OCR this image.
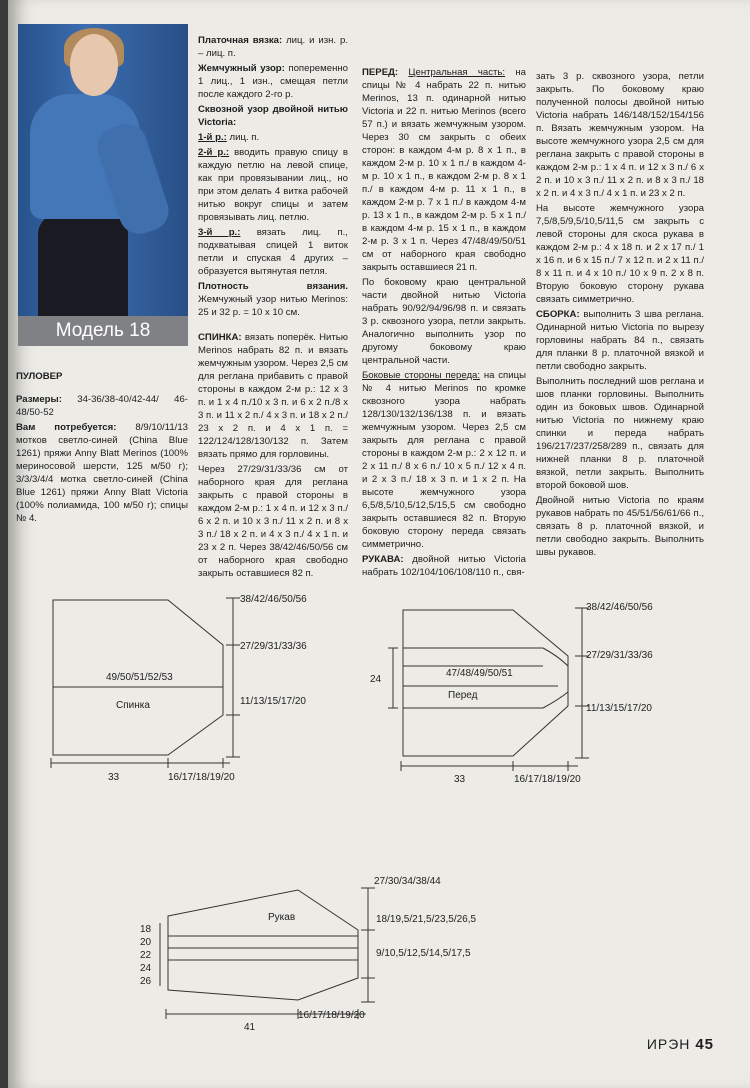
Модель 18

ПУЛОВЕР

Размеры: 34-36/38-40/42-44/ 46-48/50-52

Вам потребуется: 8/9/10/11/13 мотков светло-синей (China Blue 1261) пряжи Anny Blatt Merinos (100% мериносовой шерсти, 125 м/50 г); 3/3/3/4/4 мотка светло-синей (China Blue 1261) пряжи Anny Blatt Victoria (100% полиамида, 100 м/50 г); спицы № 4.

Платочная вязка: лиц. и изн. р. – лиц. п.

Жемчужный узор: попеременно 1 лиц., 1 изн., смещая петли после каждого 2-го р.

Сквозной узор двойной нитью Victoria:

1-й р.: лиц. п.

2-й р.: вводить правую спицу в каждую петлю на левой спице, как при провязывании лиц., но при этом делать 4 витка рабочей нитью вокруг спицы и затем провязывать лиц. петлю.

3-й р.: вязать лиц. п., подхватывая спицей 1 виток петли и спуская 4 других – образуется вытянутая петля.

Плотность вязания. Жемчужный узор нитью Merinos: 25 и 32 р. = 10 x 10 см.

СПИНКА: вязать поперёк. Нитью Merinos набрать 82 п. и вязать жемчужным узором. Через 2,5 см для реглана прибавить с правой стороны в каждом 2-м р.: 12 x 3 п. и 1 x 4 п./10 x 3 п. и 6 x 2 п./8 x 3 п. и 11 x 2 п./ 4 x 3 п. и 18 x 2 п./ 23 x 2 п. и 4 x 1 п. = 122/124/128/130/132 п. Затем вязать прямо для горловины.

Через 27/29/31/33/36 см от наборного края для реглана закрыть с правой стороны в каждом 2-м р.: 1 x 4 п. и 12 x 3 п./ 6 x 2 п. и 10 x 3 п./ 11 x 2 п. и 8 x 3 п./ 18 x 2 п. и 4 x 3 п./ 4 x 1 п. и 23 x 2 п. Через 38/42/46/50/56 см от наборного края свободно закрыть оставшиеся 82 п.

ПЕРЕД: Центральная часть: на спицы № 4 набрать 22 п. нитью Merinos, 13 п. одинарной нитью Victoria и 22 п. нитью Merinos (всего 57 п.) и вязать жемчужным узором. Через 30 см закрыть с обеих сторон: в каждом 4-м р. 8 x 1 п., в каждом 2-м р. 10 x 1 п./ в каждом 4-м р. 10 x 1 п., в каждом 2-м р. 8 x 1 п./ в каждом 4-м р. 11 x 1 п., в каждом 2-м р. 7 x 1 п./ в каждом 4-м р. 13 x 1 п., в каждом 2-м р. 5 x 1 п./ в каждом 4-м р. 15 x 1 п., в каждом 2-м р. 3 x 1 п. Через 47/48/49/50/51 см от наборного края свободно закрыть оставшиеся 21 п.

По боковому краю центральной части двойной нитью Victoria набрать 90/92/94/96/98 п. и связать 3 р. сквозного узора, петли закрыть. Аналогично выполнить узор по другому боковому краю центральной части.

Боковые стороны переда: на спицы № 4 нитью Merinos по кромке сквозного узора набрать 128/130/132/136/138 п. и вязать жемчужным узором. Через 2,5 см закрыть для реглана с правой стороны в каждом 2-м р.: 2 x 12 п. и 2 x 11 п./ 8 x 6 п./ 10 x 5 п./ 12 x 4 п. и 2 x 3 п./ 18 x 3 п. и 1 x 2 п. На высоте жемчужного узора 6,5/8,5/10,5/12,5/15,5 см свободно закрыть оставшиеся 82 п. Вторую боковую сторону переда связать симметрично.

РУКАВА: двойной нитью Victoria набрать 102/104/106/108/110 п., свя-

зать 3 р. сквозного узора, петли закрыть. По боковому краю полученной полосы двойной нитью Victoria набрать 146/148/152/154/156 п. Вязать жемчужным узором. На высоте жемчужного узора 2,5 см для реглана закрыть с правой стороны в каждом 2-м р.: 1 x 4 п. и 12 x 3 п./ 6 x 2 п. и 10 x 3 п./ 11 x 2 п. и 8 x 3 п./ 18 x 2 п. и 4 x 3 п./ 4 x 1 п. и 23 x 2 п.

На высоте жемчужного узора 7,5/8,5/9,5/10,5/11,5 см закрыть с левой стороны для скоса рукава в каждом 2-м р.: 4 x 18 п. и 2 x 17 п./ 1 x 16 п. и 6 x 15 п./ 7 x 12 п. и 2 x 11 п./ 8 x 11 п. и 4 x 10 п./ 10 x 9 п. 2 x 8 п. Вторую боковую сторону рукава связать симметрично.

СБОРКА: выполнить 3 шва реглана. Одинарной нитью Victoria по вырезу горловины набрать 84 п., связать для планки 8 р. платочной вязкой и петли свободно закрыть.

Выполнить последний шов реглана и шов планки горловины. Выполнить один из боковых швов. Одинарной нитью Victoria по нижнему краю спинки и переда набрать 196/217/237/258/289 п., связать для нижней планки 8 р. платочной вязкой, петли закрыть. Выполнить второй боковой шов.

Двойной нитью Victoria по краям рукавов набрать по 45/51/56/61/66 п., связать 8 р. платочной вязкой, и петли свободно закрыть. Выполнить швы рукавов.

49/50/51/52/53
Спинка
38/42/46/50/56
27/29/31/33/36
11/13/15/17/20
33	16/17/18/19/20
24
47/48/49/50/51
Перед
38/42/46/50/56
27/29/31/33/36
11/13/15/17/20
33	16/17/18/19/20
Рукав
18
20
22
24
26
27/30/34/38/44
18/19,5/21,5/23,5/26,5
9/10,5/12,5/14,5/17,5
41
16/17/18/19/20
ИРЭН 45
